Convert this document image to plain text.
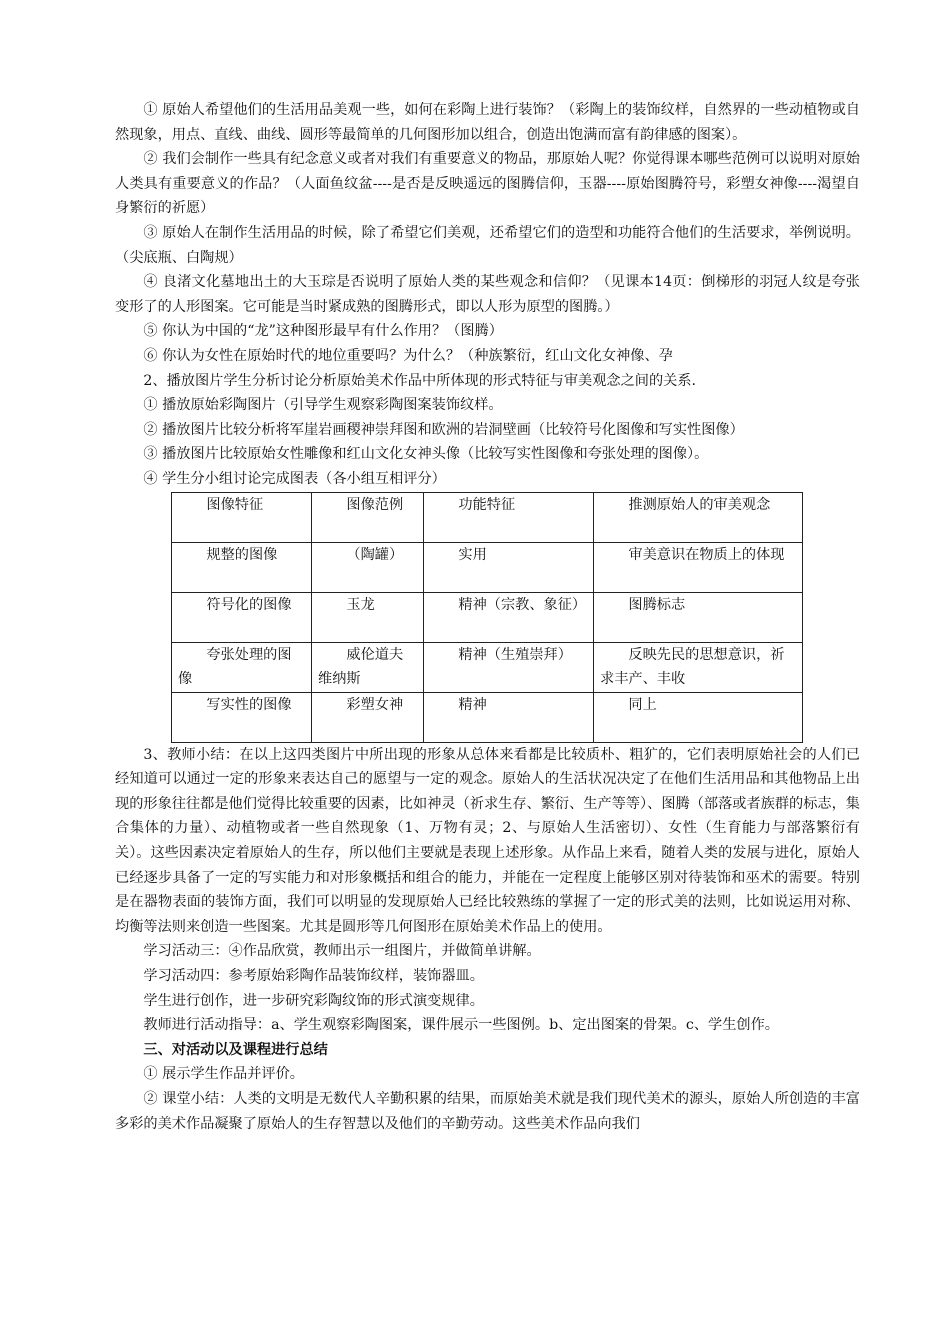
① 原始人希望他们的生活用品美观一些，如何在彩陶上进行装饰？（彩陶上的装饰纹样，自然界的一些动植物或自然现象，用点、直线、曲线、圆形等最简单的几何图形加以组合，创造出饱满而富有韵律感的图案）。

② 我们会制作一些具有纪念意义或者对我们有重要意义的物品，那原始人呢？你觉得课本哪些范例可以说明对原始人类具有重要意义的作品？（人面鱼纹盆----是否是反映遥远的图腾信仰，玉器----原始图腾符号，彩塑女神像----渴望自身繁衍的祈愿）

③ 原始人在制作生活用品的时候，除了希望它们美观，还希望它们的造型和功能符合他们的生活要求，举例说明。（尖底瓶、白陶规）

④ 良渚文化墓地出土的大玉琮是否说明了原始人类的某些观念和信仰？（见课本14页：倒梯形的羽冠人纹是夸张变形了的人形图案。它可能是当时紧成熟的图腾形式，即以人形为原型的图腾。）

⑤ 你认为中国的“龙”这种图形最早有什么作用？（图腾）

⑥ 你认为女性在原始时代的地位重要吗？为什么？（种族繁衍，红山文化女神像、孕

2、播放图片学生分析讨论分析原始美术作品中所体现的形式特征与审美观念之间的关系.

① 播放原始彩陶图片（引导学生观察彩陶图案装饰纹样。

② 播放图片比较分析将军崖岩画稷神崇拜图和欧洲的岩洞壁画（比较符号化图像和写实性图像）

③ 播放图片比较原始女性雕像和红山文化女神头像（比较写实性图像和夸张处理的图像）。

④ 学生分小组讨论完成图表（各小组互相评分）

图像特征	图像范例	功能特征	推测原始人的审美观念
规整的图像	（陶罐）	实用	审美意识在物质上的体现
符号化的图像	玉龙	精神（宗教、象征）	图腾标志
夸张处理的图像	威伦道夫维纳斯	精神（生殖崇拜）	反映先民的思想意识，祈求丰产、丰收
写实性的图像	彩塑女神	精神	同上

3、教师小结：在以上这四类图片中所出现的形象从总体来看都是比较质朴、粗犷的，它们表明原始社会的人们已经知道可以通过一定的形象来表达自己的愿望与一定的观念。原始人的生活状况决定了在他们生活用品和其他物品上出现的形象往往都是他们觉得比较重要的因素，比如神灵（祈求生存、繁衍、生产等等）、图腾（部落或者族群的标志，集合集体的力量）、动植物或者一些自然现象（1、万物有灵；2、与原始人生活密切）、女性（生育能力与部落繁衍有关）。这些因素决定着原始人的生存，所以他们主要就是表现上述形象。从作品上来看，随着人类的发展与进化，原始人已经逐步具备了一定的写实能力和对形象概括和组合的能力，并能在一定程度上能够区别对待装饰和巫术的需要。特别是在器物表面的装饰方面，我们可以明显的发现原始人已经比较熟练的掌握了一定的形式美的法则，比如说运用对称、均衡等法则来创造一些图案。尤其是圆形等几何图形在原始美术作品上的使用。

学习活动三：④作品欣赏，教师出示一组图片，并做简单讲解。

学习活动四：参考原始彩陶作品装饰纹样，装饰器皿。

学生进行创作，进一步研究彩陶纹饰的形式演变规律。

教师进行活动指导：a、学生观察彩陶图案，课件展示一些图例。b、定出图案的骨架。c、学生创作。

三、对活动以及课程进行总结

① 展示学生作品并评价。

② 课堂小结：人类的文明是无数代人辛勤积累的结果，而原始美术就是我们现代美术的源头，原始人所创造的丰富多彩的美术作品凝聚了原始人的生存智慧以及他们的辛勤劳动。这些美术作品向我们
